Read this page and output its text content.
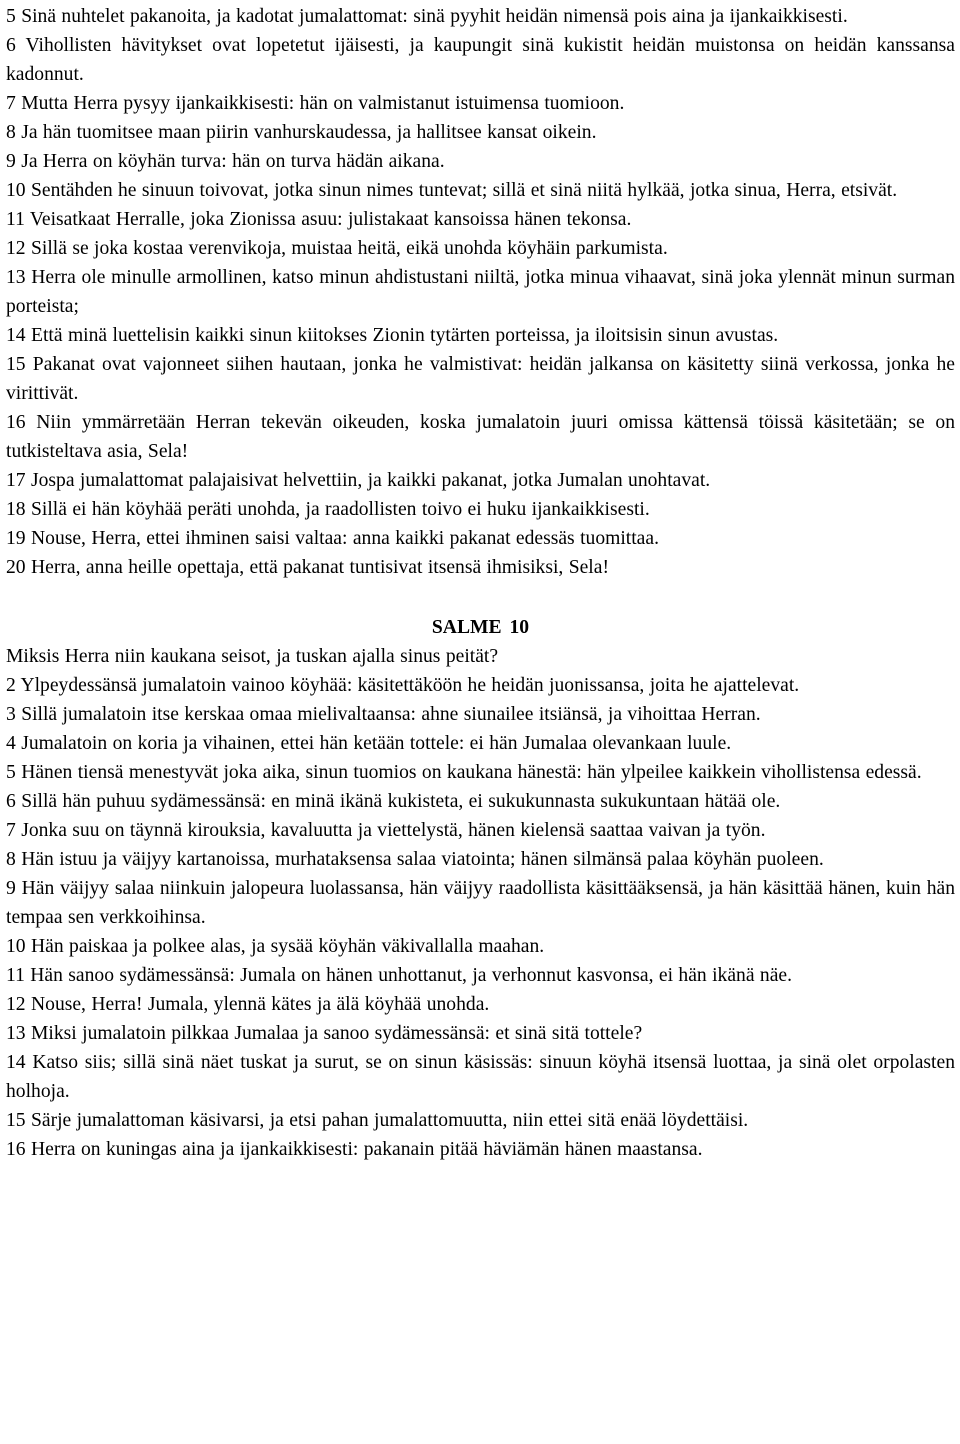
5 Sinä nuhtelet pakanoita, ja kadotat jumalattomat: sinä pyyhit heidän nimensä pois aina ja ijankaikkisesti.

6 Vihollisten hävitykset ovat lopetetut ijäisesti, ja kaupungit sinä kukistit heidän muistonsa on heidän kanssansa kadonnut.

7 Mutta Herra pysyy ijankaikkisesti: hän on valmistanut istuimensa tuomioon.

8 Ja hän tuomitsee maan piirin vanhurskaudessa, ja hallitsee kansat oikein.

9 Ja Herra on köyhän turva: hän on turva hädän aikana.

10 Sentähden he sinuun toivovat, jotka sinun nimes tuntevat; sillä et sinä niitä hylkää, jotka sinua, Herra, etsivät.

11 Veisatkaat Herralle, joka Zionissa asuu: julistakaat kansoissa hänen tekonsa.

12 Sillä se joka kostaa verenvikoja, muistaa heitä, eikä unohda köyhäin parkumista.

13 Herra ole minulle armollinen, katso minun ahdistustani niiltä, jotka minua vihaavat, sinä joka ylennät minun surman porteista;

14 Että minä luettelisin kaikki sinun kiitokses Zionin tytärten porteissa, ja iloitsisin sinun avustas.

15 Pakanat ovat vajonneet siihen hautaan, jonka he valmistivat: heidän jalkansa on käsitetty siinä verkossa, jonka he virittivät.

16 Niin ymmärretään Herran tekevän oikeuden, koska jumalatoin juuri omissa kättensä töissä käsitetään; se on tutkisteltava asia, Sela!

17 Jospa jumalattomat palajaisivat helvettiin, ja kaikki pakanat, jotka Jumalan unohtavat.

18 Sillä ei hän köyhää peräti unohda, ja raadollisten toivo ei huku ijankaikkisesti.

19 Nouse, Herra, ettei ihminen saisi valtaa: anna kaikki pakanat edessäs tuomittaa.

20 Herra, anna heille opettaja, että pakanat tuntisivat itsensä ihmisiksi, Sela!

SALME 10

Miksis Herra niin kaukana seisot, ja tuskan ajalla sinus peität?

2 Ylpeydessänsä jumalatoin vainoo köyhää: käsitettäköön he heidän juonissansa, joita he ajattelevat.

3 Sillä jumalatoin itse kerskaa omaa mielivaltaansa: ahne siunailee itsiänsä, ja vihoittaa Herran.

4 Jumalatoin on koria ja vihainen, ettei hän ketään tottele: ei hän Jumalaa olevankaan luule.

5 Hänen tiensä menestyvät joka aika, sinun tuomios on kaukana hänestä: hän ylpeilee kaikkein vihollistensa edessä.

6 Sillä hän puhuu sydämessänsä: en minä ikänä kukisteta, ei sukukunnasta sukukuntaan hätää ole.

7 Jonka suu on täynnä kirouksia, kavaluutta ja viettelystä, hänen kielensä saattaa vaivan ja työn.

8 Hän istuu ja väijyy kartanoissa, murhataksensa salaa viatointa; hänen silmänsä palaa köyhän puoleen.

9 Hän väijyy salaa niinkuin jalopeura luolassansa, hän väijyy raadollista käsittääksensä, ja hän käsittää hänen, kuin hän tempaa sen verkkoihinsa.

10 Hän paiskaa ja polkee alas, ja sysää köyhän väkivallalla maahan.

11 Hän sanoo sydämessänsä: Jumala on hänen unhottanut, ja verhonnut kasvonsa, ei hän ikänä näe.

12 Nouse, Herra! Jumala, ylennä kätes ja älä köyhää unohda.

13 Miksi jumalatoin pilkkaa Jumalaa ja sanoo sydämessänsä: et sinä sitä tottele?

14 Katso siis; sillä sinä näet tuskat ja surut, se on sinun käsissäs: sinuun köyhä itsensä luottaa, ja sinä olet orpolasten holhoja.

15 Särje jumalattoman käsivarsi, ja etsi pahan jumalattomuutta, niin ettei sitä enää löydettäisi.

16 Herra on kuningas aina ja ijankaikkisesti: pakanain pitää häviämän hänen maastansa.
